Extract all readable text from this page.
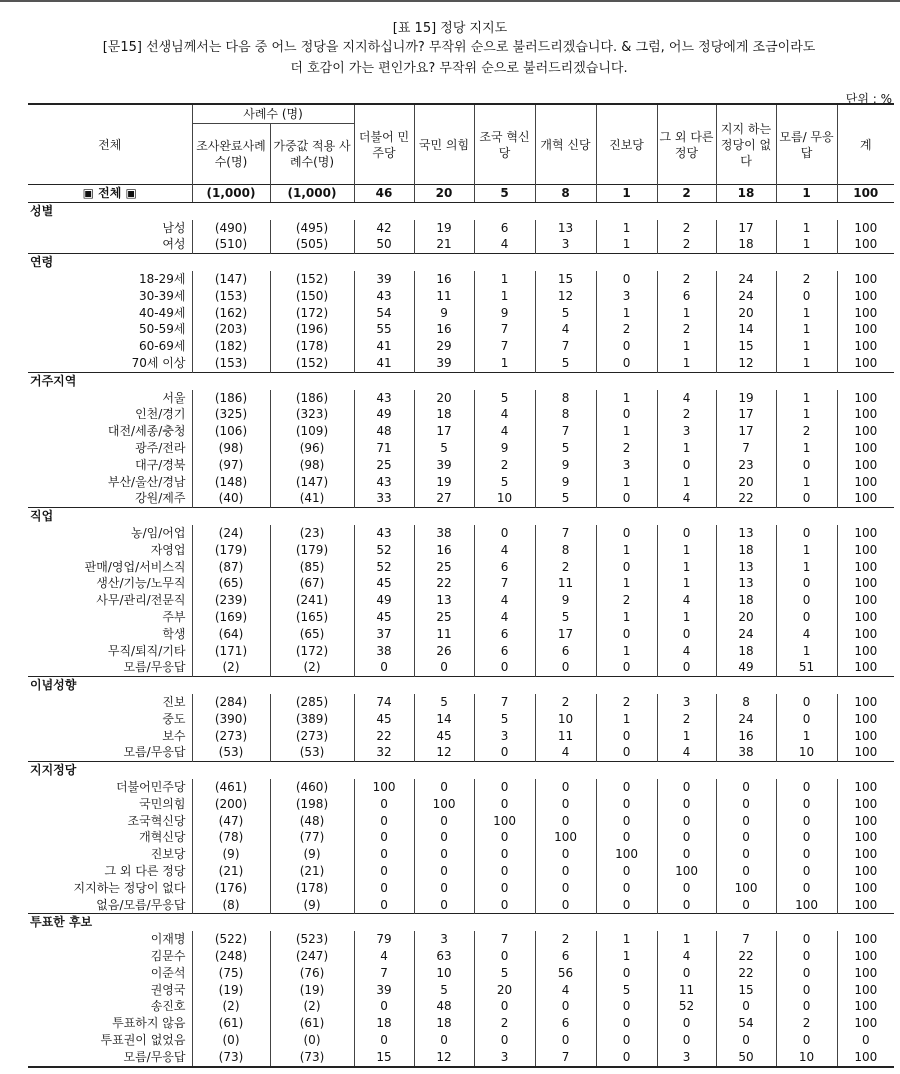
[표 15] 정당 지지도
[문15] 선생님께서는 다음 중 어느 정당을 지지하십니까? 무작위 순으로 불러드리겠습니다. & 그럼, 어느 정당에게 조금이라도
더 호감이 가는 편인가요? 무작위 순으로 불러드리겠습니다.
단위 : %
전체	사례수 (명)		더불어 민주당	국민 의힘	조국 혁신당	개혁 신당	진보당	그 외 다른 정당	지지 하는 정당이 없다	모름/ 무응답	계
	조사완료사례수(명)	가중값 적용 사례수(명)									
▣ 전체 ▣	(1,000)	(1,000)	46	20	5	8	1	2	18	1	100
성별											
남성	(490)	(495)	42	19	6	13	1	2	17	1	100
여성	(510)	(505)	50	21	4	3	1	2	18	1	100
연령											
18-29세	(147)	(152)	39	16	1	15	0	2	24	2	100
30-39세	(153)	(150)	43	11	1	12	3	6	24	0	100
40-49세	(162)	(172)	54	9	9	5	1	1	20	1	100
50-59세	(203)	(196)	55	16	7	4	2	2	14	1	100
60-69세	(182)	(178)	41	29	7	7	0	1	15	1	100
70세 이상	(153)	(152)	41	39	1	5	0	1	12	1	100
거주지역											
서울	(186)	(186)	43	20	5	8	1	4	19	1	100
인천/경기	(325)	(323)	49	18	4	8	0	2	17	1	100
대전/세종/충청	(106)	(109)	48	17	4	7	1	3	17	2	100
광주/전라	(98)	(96)	71	5	9	5	2	1	7	1	100
대구/경북	(97)	(98)	25	39	2	9	3	0	23	0	100
부산/울산/경남	(148)	(147)	43	19	5	9	1	1	20	1	100
강원/제주	(40)	(41)	33	27	10	5	0	4	22	0	100
직업											
농/임/어업	(24)	(23)	43	38	0	7	0	0	13	0	100
자영업	(179)	(179)	52	16	4	8	1	1	18	1	100
판매/영업/서비스직	(87)	(85)	52	25	6	2	0	1	13	1	100
생산/기능/노무직	(65)	(67)	45	22	7	11	1	1	13	0	100
사무/관리/전문직	(239)	(241)	49	13	4	9	2	4	18	0	100
주부	(169)	(165)	45	25	4	5	1	1	20	0	100
학생	(64)	(65)	37	11	6	17	0	0	24	4	100
무직/퇴직/기타	(171)	(172)	38	26	6	6	1	4	18	1	100
모름/무응답	(2)	(2)	0	0	0	0	0	0	49	51	100
이념성향											
진보	(284)	(285)	74	5	7	2	2	3	8	0	100
중도	(390)	(389)	45	14	5	10	1	2	24	0	100
보수	(273)	(273)	22	45	3	11	0	1	16	1	100
모름/무응답	(53)	(53)	32	12	0	4	0	4	38	10	100
지지정당											
더불어민주당	(461)	(460)	100	0	0	0	0	0	0	0	100
국민의힘	(200)	(198)	0	100	0	0	0	0	0	0	100
조국혁신당	(47)	(48)	0	0	100	0	0	0	0	0	100
개혁신당	(78)	(77)	0	0	0	100	0	0	0	0	100
진보당	(9)	(9)	0	0	0	0	100	0	0	0	100
그 외 다른 정당	(21)	(21)	0	0	0	0	0	100	0	0	100
지지하는 정당이 없다	(176)	(178)	0	0	0	0	0	0	100	0	100
없음/모름/무응답	(8)	(9)	0	0	0	0	0	0	0	100	100
투표한 후보											
이재명	(522)	(523)	79	3	7	2	1	1	7	0	100
김문수	(248)	(247)	4	63	0	6	1	4	22	0	100
이준석	(75)	(76)	7	10	5	56	0	0	22	0	100
권영국	(19)	(19)	39	5	20	4	5	11	15	0	100
송진호	(2)	(2)	0	48	0	0	0	52	0	0	100
투표하지 않음	(61)	(61)	18	18	2	6	0	0	54	2	100
투표권이 없었음	(0)	(0)	0	0	0	0	0	0	0	0	0
모름/무응답	(73)	(73)	15	12	3	7	0	3	50	10	100
